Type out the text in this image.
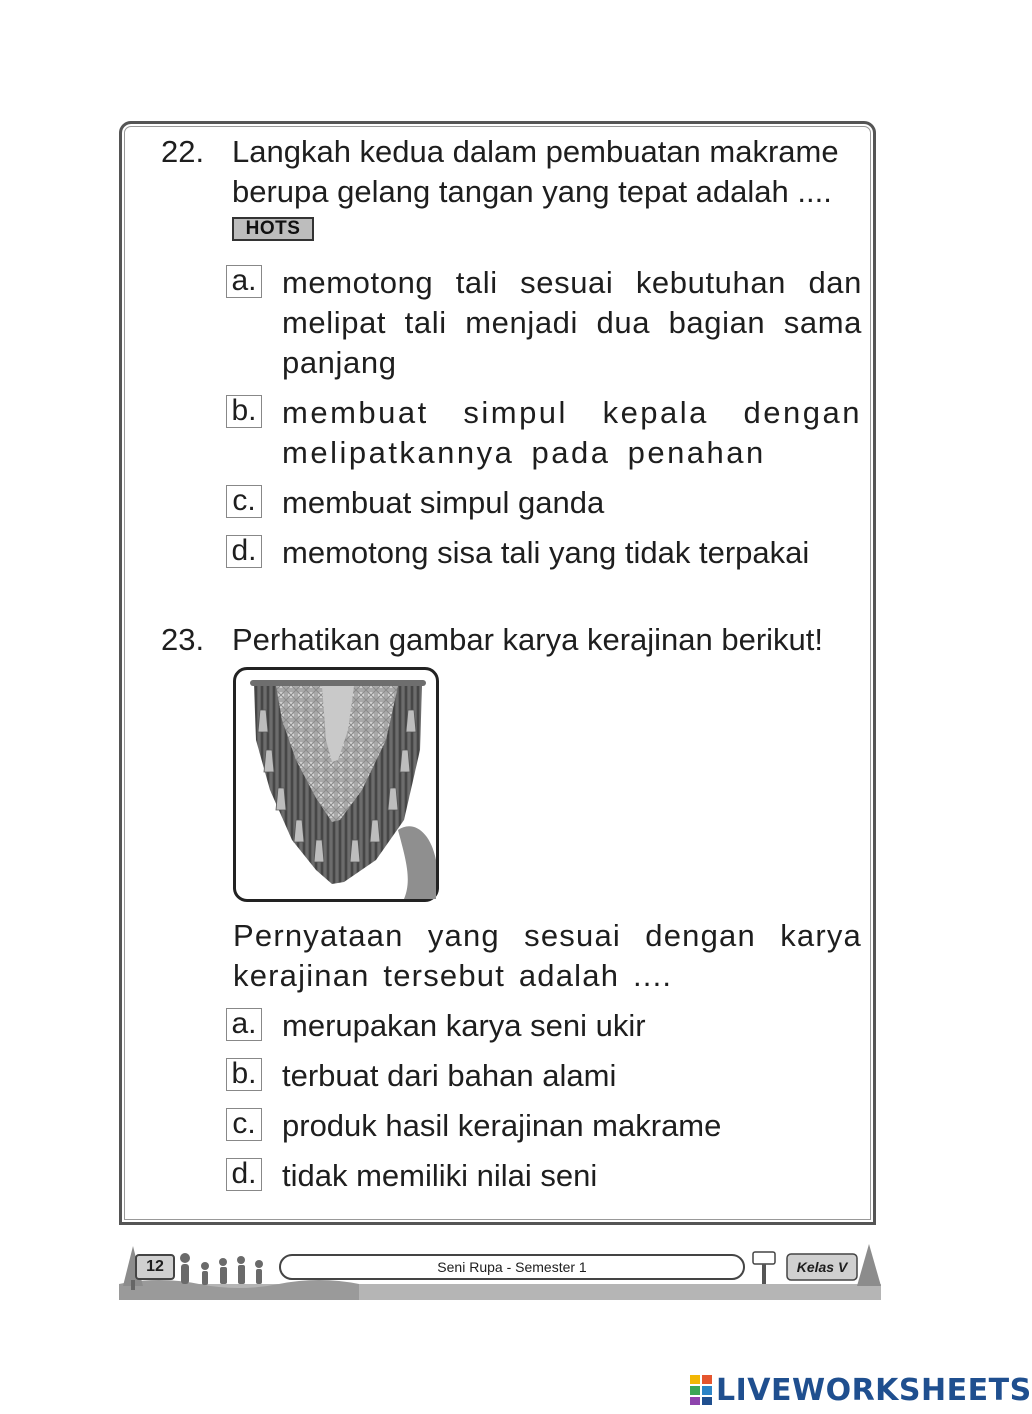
22. Langkah kedua dalam pembuatan makrame berupa gelang tangan yang tepat adalah ....
HOTS
a. memotong tali sesuai kebutuhan dan melipat tali menjadi dua bagian sama panjang
b. membuat simpul kepala dengan melipatkannya pada penahan
c. membuat simpul ganda
d. memotong sisa tali yang tidak terpakai
23. Perhatikan gambar karya kerajinan berikut!
Pernyataan yang sesuai dengan karya kerajinan tersebut adalah ....
a. merupakan karya seni ukir
b. terbuat dari bahan alami
c. produk hasil kerajinan makrame
d. tidak memiliki nilai seni
12	Seni Rupa - Semester 1	Kelas V
LIVEWORKSHEETS
